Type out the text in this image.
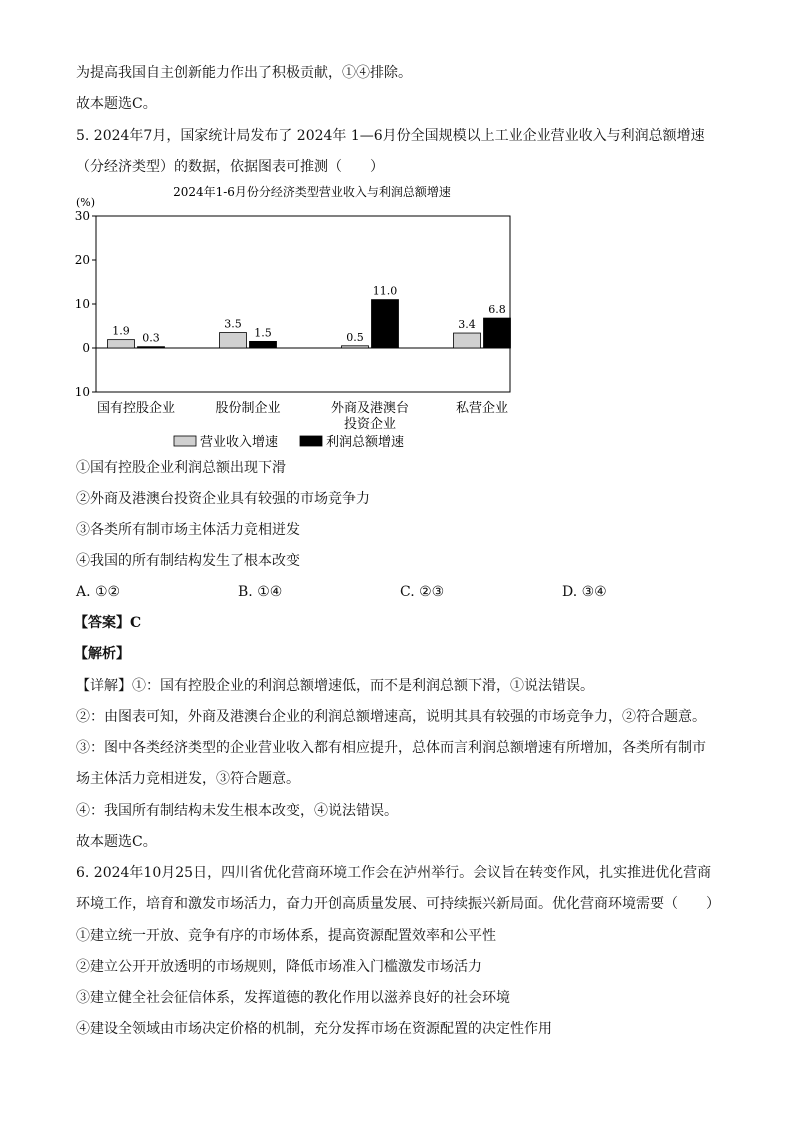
为提高我国自主创新能力作出了积极贡献，①④排除。
故本题选C。
5. 2024年7月，国家统计局发布了 2024年 1—6月份全国规模以上工业企业营业收入与利润总额增速
（分经济类型）的数据，依据图表可推测（　　）
2024年1-6月份分经济类型营业收入与利润总额增速
(%)
30
20
10
0
10
1.9
3.5
0.5
3.4
0.3	1.5
11.0
6.8
国有控股企业	股份制企业	外商及港澳台
投资企业
私营企业
营业收入增速	利润总额增速
①国有控股企业利润总额出现下滑
②外商及港澳台投资企业具有较强的市场竞争力
③各类所有制市场主体活力竞相迸发
④我国的所有制结构发生了根本改变
A. ①②	B. ①④	C. ②③	D. ③④
【答案】C
【解析】
【详解】①：国有控股企业的利润总额增速低，而不是利润总额下滑，①说法错误。
②：由图表可知，外商及港澳台企业的利润总额增速高，说明其具有较强的市场竞争力，②符合题意。
③：图中各类经济类型的企业营业收入都有相应提升，总体而言利润总额增速有所增加，各类所有制市
场主体活力竞相迸发，③符合题意。
④：我国所有制结构未发生根本改变，④说法错误。
故本题选C。
6. 2024年10月25日，四川省优化营商环境工作会在泸州举行。会议旨在转变作风，扎实推进优化营商
环境工作，培育和激发市场活力，奋力开创高质量发展、可持续振兴新局面。优化营商环境需要（　　）
①建立统一开放、竞争有序的市场体系，提高资源配置效率和公平性
②建立公开开放透明的市场规则，降低市场准入门槛激发市场活力
③建立健全社会征信体系，发挥道德的教化作用以滋养良好的社会环境
④建设全领域由市场决定价格的机制，充分发挥市场在资源配置的决定性作用
